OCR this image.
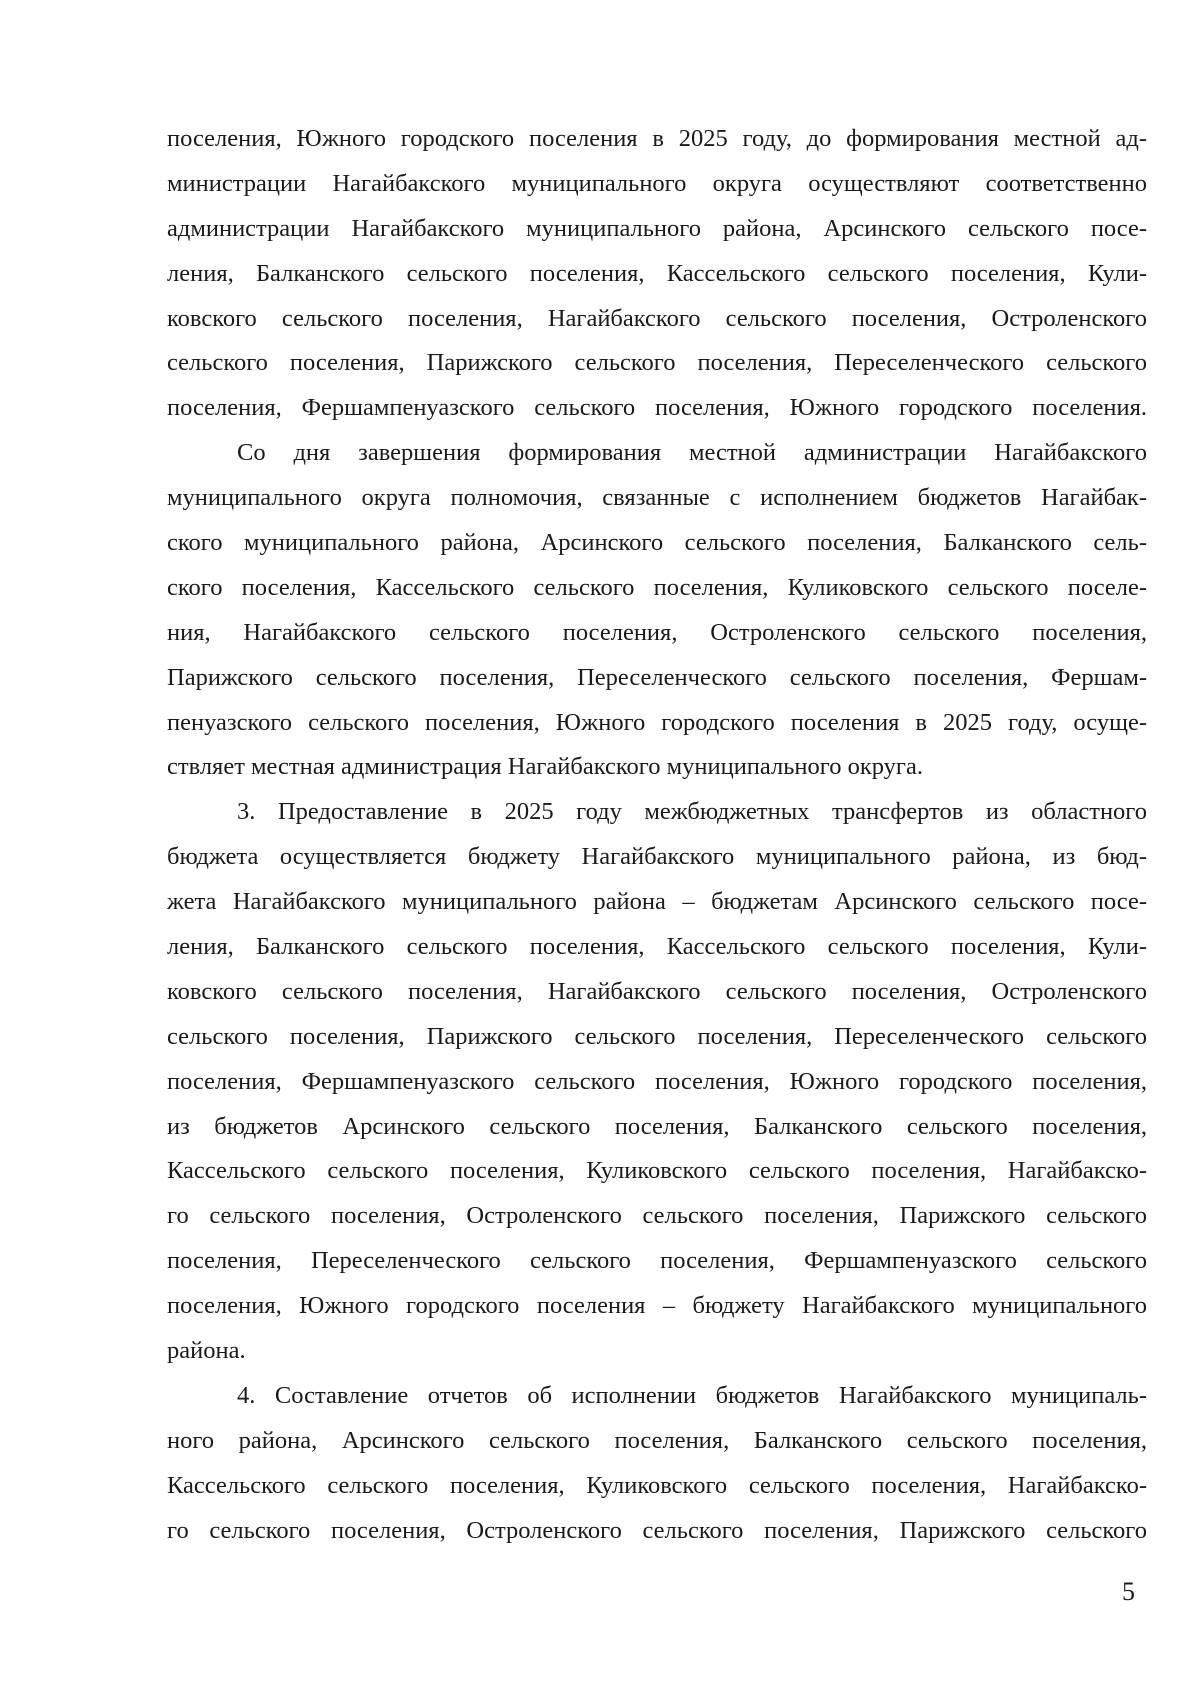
поселения, Южного городского поселения в 2025 году, до формирования местной ад-
министрации Нагайбакского муниципального округа осуществляют соответственно
администрации Нагайбакского муниципального района, Арсинского сельского посе-
ления, Балканского сельского поселения, Кассельского сельского поселения, Кули-
ковского сельского поселения, Нагайбакского сельского поселения, Остроленского
сельского поселения, Парижского сельского поселения, Переселенческого сельского
поселения, Фершампенуазского сельского поселения, Южного городского поселения.
Со дня завершения формирования местной администрации Нагайбакского
муниципального округа полномочия, связанные с исполнением бюджетов Нагайбак-
ского муниципального района, Арсинского сельского поселения, Балканского сель-
ского поселения, Кассельского сельского поселения, Куликовского сельского поселе-
ния, Нагайбакского сельского поселения, Остроленского сельского поселения,
Парижского сельского поселения, Переселенческого сельского поселения, Фершам-
пенуазского сельского поселения, Южного городского поселения в 2025 году, осуще-
ствляет местная администрация Нагайбакского муниципального округа.
3. Предоставление в 2025 году межбюджетных трансфертов из областного
бюджета осуществляется бюджету Нагайбакского муниципального района, из бюд-
жета Нагайбакского муниципального района – бюджетам Арсинского сельского посе-
ления, Балканского сельского поселения, Кассельского сельского поселения, Кули-
ковского сельского поселения, Нагайбакского сельского поселения, Остроленского
сельского поселения, Парижского сельского поселения, Переселенческого сельского
поселения, Фершампенуазского сельского поселения, Южного городского поселения,
из бюджетов Арсинского сельского поселения, Балканского сельского поселения,
Кассельского сельского поселения, Куликовского сельского поселения, Нагайбакско-
го сельского поселения, Остроленского сельского поселения, Парижского сельского
поселения, Переселенческого сельского поселения, Фершампенуазского сельского
поселения, Южного городского поселения – бюджету Нагайбакского муниципального
района.
4. Составление отчетов об исполнении бюджетов Нагайбакского муниципаль-
ного района, Арсинского сельского поселения, Балканского сельского поселения,
Кассельского сельского поселения, Куликовского сельского поселения, Нагайбакско-
го сельского поселения, Остроленского сельского поселения, Парижского сельского
5
